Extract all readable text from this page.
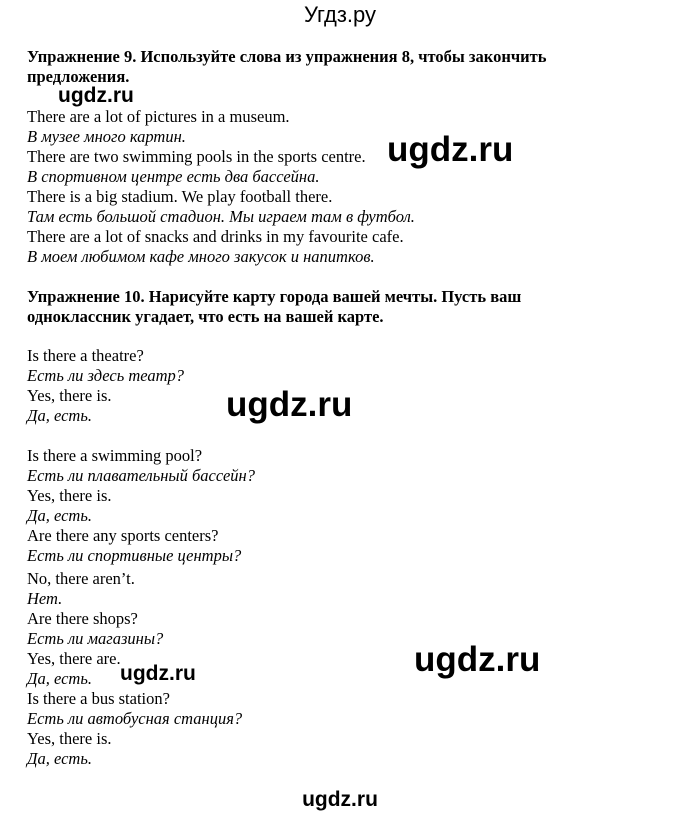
Угдз.ру
Упражнение 9. Используйте слова из упражнения 8, чтобы закончить предложения.
ugdz.ru
There are a lot of pictures in a museum.
В музее много картин.
There are two swimming pools in the sports centre.
В спортивном центре есть два бассейна.
There is a big stadium. We play football there.
Там есть большой стадион. Мы играем там в футбол.
There are a lot of snacks and drinks in my favourite cafe.
В моем любимом кафе много закусок и напитков.
ugdz.ru
Упражнение 10. Нарисуйте карту города вашей мечты. Пусть ваш одноклассник угадает, что есть на вашей карте.
Is there a theatre?
Есть ли здесь театр?
Yes, there is.
Да, есть.	ugdz.ru
Is there a swimming pool?
Есть ли плавательный бассейн?
Yes, there is.
Да, есть.
Are there any sports centers?
Есть ли спортивные центры?
No, there aren’t.
Нет.
Are there shops?
Есть ли магазины?
Yes, there are.
Да, есть.
Is there a bus station?
Есть ли автобусная станция?
Yes, there is.
Да, есть.
ugdz.ru	ugdz.ru
ugdz.ru
